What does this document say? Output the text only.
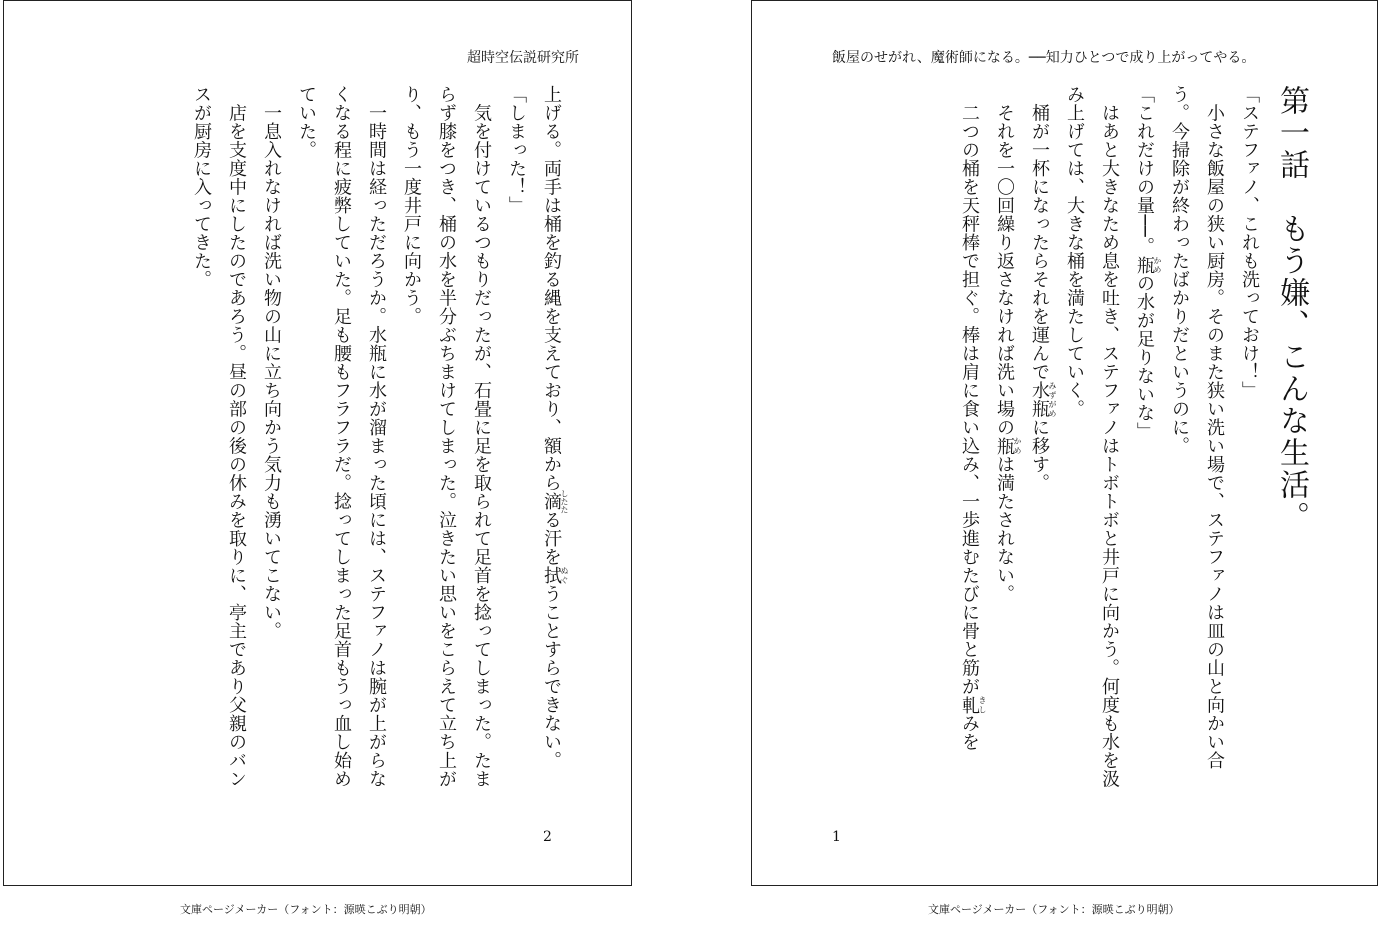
超時空伝説研究所

上げる。両手は桶を釣る縄を支えており、額から滴したたる汗を拭ぬぐうことすらできない。

「しまった！」

　気を付けているつもりだったが、石畳に足を取られて足首を捻ってしまった。たまらず膝をつき、桶の水を半分ぶちまけてしまった。泣きたい思いをこらえて立ち上がり、もう一度井戸に向かう。

　一時間は経っただろうか。水瓶に水が溜まった頃には、ステファノは腕が上がらなくなる程に疲弊していた。足も腰もフラフラだ。捻ってしまった足首もうっ血し始めていた。

　一息入れなければ洗い物の山に立ち向かう気力も湧いてこない。

　店を支度中にしたのであろう。昼の部の後の休みを取りに、亭主であり父親のバンスが厨房に入ってきた。

2
飯屋のせがれ、魔術師になる。──知力ひとつで成り上がってやる。

第一話　もう嫌、こんな生活。

「ステファノ、これも洗っておけ！」

　小さな飯屋の狭い厨房。そのまた狭い洗い場で、ステファノは皿の山と向かい合う。今掃除が終わったばかりだというのに。

「これだけの量──。瓶かめの水が足りないな」

　はあと大きなため息を吐き、ステファノはトボトボと井戸に向かう。何度も水を汲み上げては、大きな桶を満たしていく。

　桶が一杯になったらそれを運んで水瓶みずがめに移す。

　それを一〇回繰り返さなければ洗い場の瓶かめは満たされない。

　二つの桶を天秤棒で担ぐ。棒は肩に食い込み、一歩進むたびに骨と筋が軋きしみを

1
文庫ページメーカー（フォント：源暎こぶり明朝）	文庫ページメーカー（フォント：源暎こぶり明朝）
